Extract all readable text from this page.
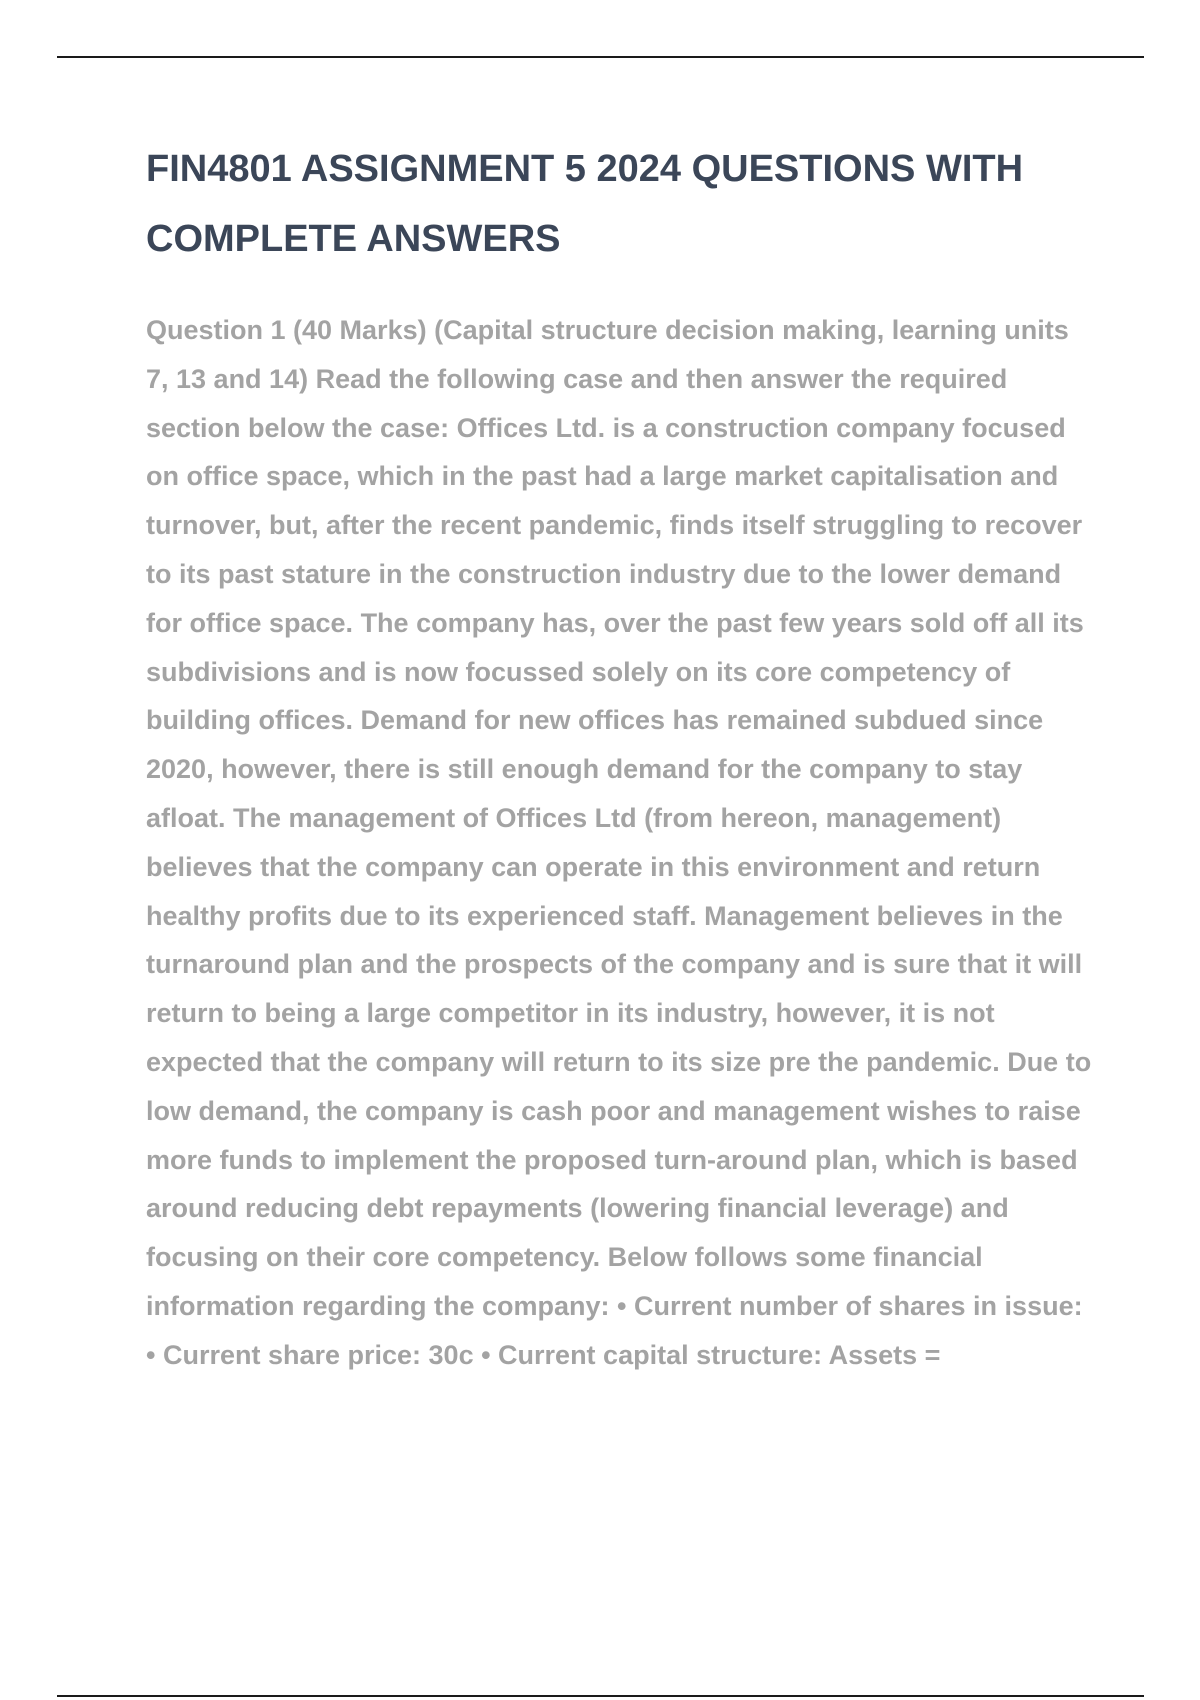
FIN4801 ASSIGNMENT 5 2024 QUESTIONS WITH COMPLETE ANSWERS

Question 1 (40 Marks) (Capital structure decision making, learning units 7, 13 and 14) Read the following case and then answer the required section below the case: Offices Ltd. is a construction company focused on office space, which in the past had a large market capitalisation and turnover, but, after the recent pandemic, finds itself struggling to recover to its past stature in the construction industry due to the lower demand for office space. The company has, over the past few years sold off all its subdivisions and is now focussed solely on its core competency of building offices. Demand for new offices has remained subdued since 2020, however, there is still enough demand for the company to stay afloat. The management of Offices Ltd (from hereon, management) believes that the company can operate in this environment and return healthy profits due to its experienced staff. Management believes in the turnaround plan and the prospects of the company and is sure that it will return to being a large competitor in its industry, however, it is not expected that the company will return to its size pre the pandemic. Due to low demand, the company is cash poor and management wishes to raise more funds to implement the proposed turn-around plan, which is based around reducing debt repayments (lowering financial leverage) and focusing on their core competency. Below follows some financial information regarding the company: • Current number of shares in issue: • Current share price: 30c • Current capital structure: Assets =
